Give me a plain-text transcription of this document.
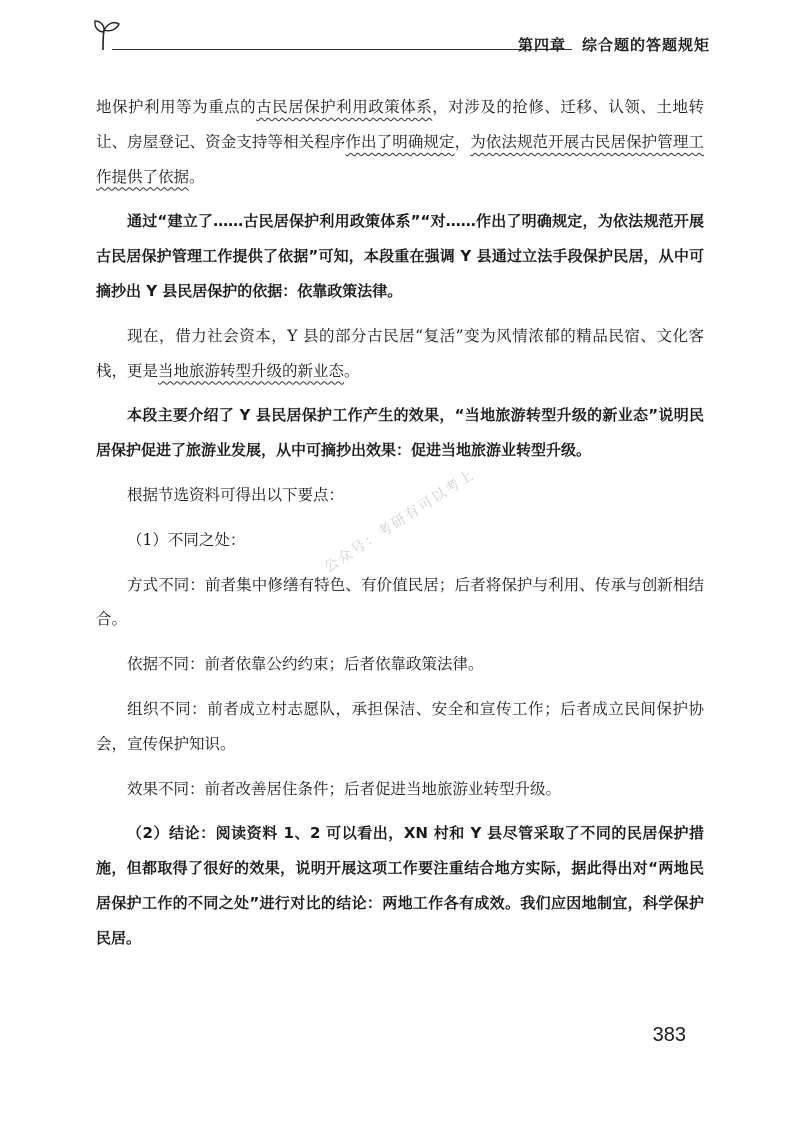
第四章 综合题的答题规矩

地保护利用等为重点的古民居保护利用政策体系，对涉及的抢修、迁移、认领、土地转让、房屋登记、资金支持等相关程序作出了明确规定，为依法规范开展古民居保护管理工作提供了依据。

通过“建立了……古民居保护利用政策体系”“对……作出了明确规定，为依法规范开展古民居保护管理工作提供了依据”可知，本段重在强调 Y 县通过立法手段保护民居，从中可摘抄出 Y 县民居保护的依据：依靠政策法律。

现在，借力社会资本，Y 县的部分古民居“复活”变为风情浓郁的精品民宿、文化客栈，更是当地旅游转型升级的新业态。

本段主要介绍了 Y 县民居保护工作产生的效果，“当地旅游转型升级的新业态”说明民居保护促进了旅游业发展，从中可摘抄出效果：促进当地旅游业转型升级。

根据节选资料可得出以下要点：

（1）不同之处：

方式不同：前者集中修缮有特色、有价值民居；后者将保护与利用、传承与创新相结合。

依据不同：前者依靠公约约束；后者依靠政策法律。

组织不同：前者成立村志愿队，承担保洁、安全和宣传工作；后者成立民间保护协会，宣传保护知识。

效果不同：前者改善居住条件；后者促进当地旅游业转型升级。

（2）结论：阅读资料 1、2 可以看出，XN 村和 Y 县尽管采取了不同的民居保护措施，但都取得了很好的效果，说明开展这项工作要注重结合地方实际，据此得出对“两地民居保护工作的不同之处”进行对比的结论：两地工作各有成效。我们应因地制宜，科学保护民居。

公众号：考研有可以考上
383
